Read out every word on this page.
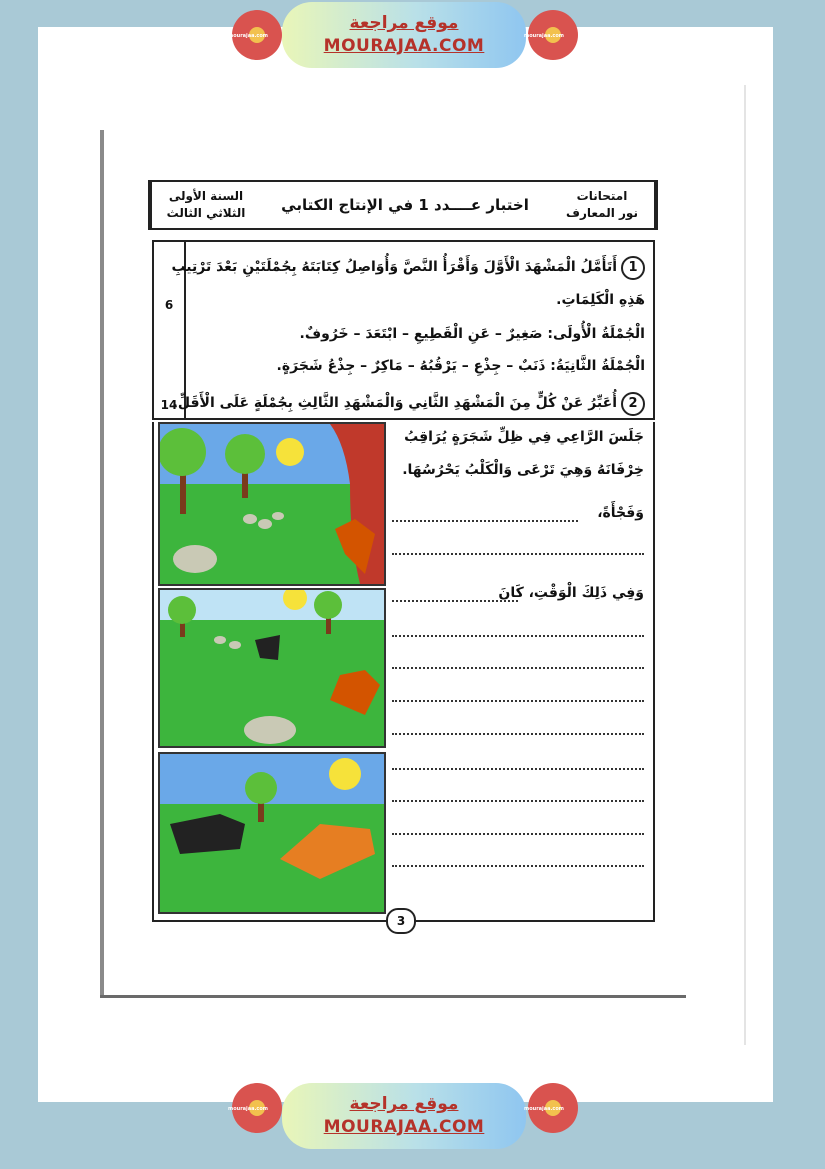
mourajaa.com
موقع مراجعة
MOURAJAA.COM	mourajaa.com
امتحانات
نور المعارف
اختبار عــــدد 1 في الإنتاج الكتابي
السنة الأولى
الثلاثي الثالث
6
14
1أَتَأَمَّلُ الْمَشْهَدَ الْأَوَّلَ وَأَقْرَأُ النَّصَّ وَأُوَاصِلُ كِتَابَتَهُ بِجُمْلَتَيْنِ بَعْدَ تَرْتِيبِ
هَذِهِ الْكَلِمَاتِ.
الْجُمْلَةُ الْأُولَى: صَغِيرٌ – عَنِ الْقَطِيعِ – ابْتَعَدَ – خَرُوفٌ.
الْجُمْلَةُ الثَّانِيَةُ: ذَنَبٌ – جِذْعِ – يَرْقُبُهُ – مَاكِرٌ – جِذْعُ شَجَرَةٍ.
2أُعَبِّرُ عَنْ كُلٍّ مِنَ الْمَشْهَدِ الثَّانِي وَالْمَشْهَدِ الثَّالِثِ بِجُمْلَةٍ عَلَى الْأَقَلِّ.
جَلَسَ الرَّاعِي فِي ظِلِّ شَجَرَةٍ يُرَاقِبُ
خِرْفَانَهُ وَهِيَ تَرْعَى وَالْكَلْبُ يَحْرُسُهَا.
وَفَجْأَةً،
وَفِي ذَلِكَ الْوَقْتِ، كَانَ
3
mourajaa.com	موقع مراجعة
MOURAJAA.COM
mourajaa.com
